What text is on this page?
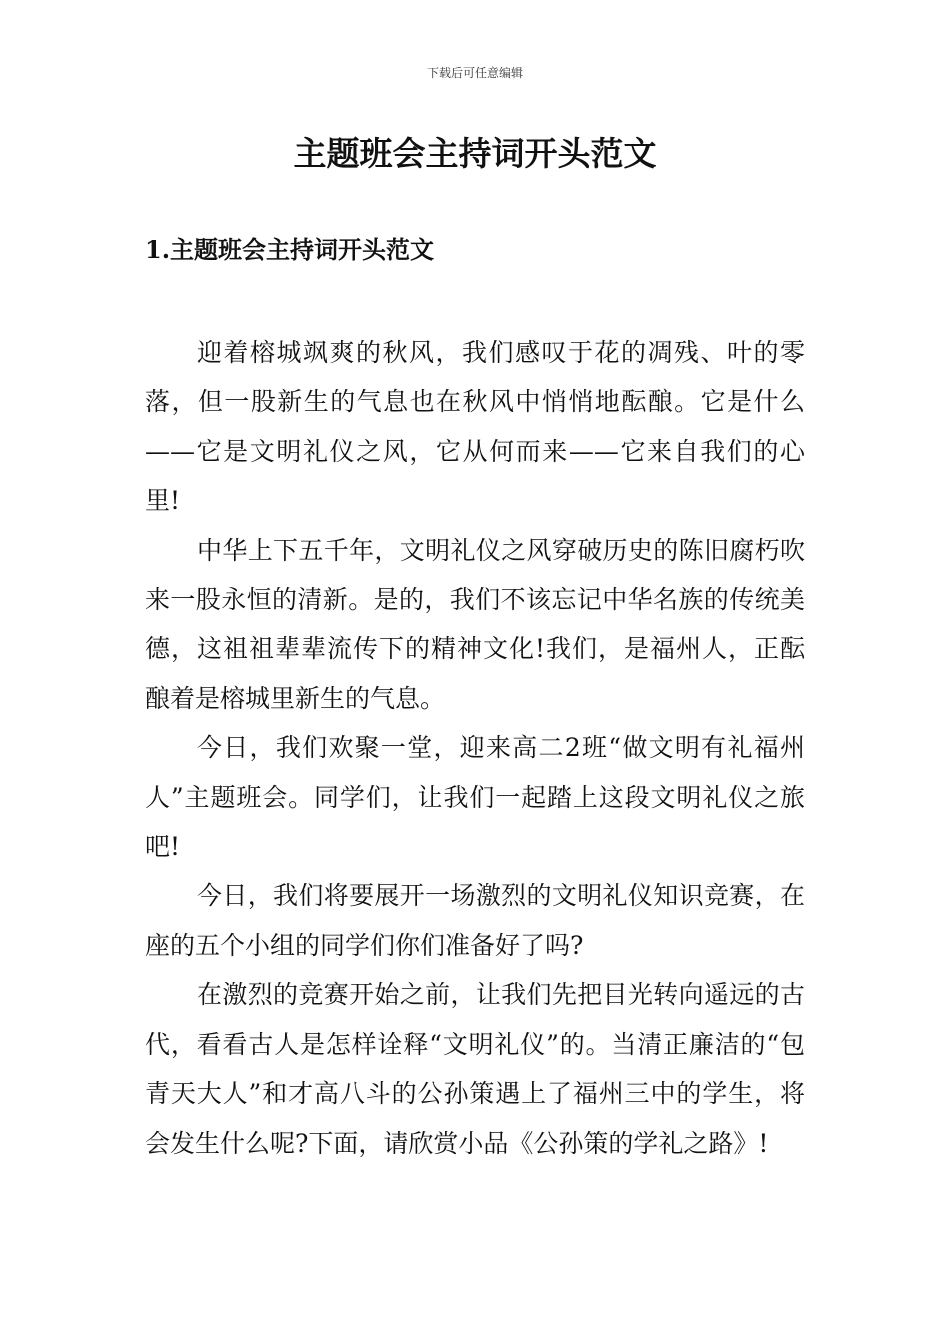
下载后可任意编辑
主题班会主持词开头范文
1.主题班会主持词开头范文

迎着榕城飒爽的秋风，我们感叹于花的凋残、叶的零落，但一股新生的气息也在秋风中悄悄地酝酿。它是什么——它是文明礼仪之风，它从何而来——它来自我们的心里!

中华上下五千年，文明礼仪之风穿破历史的陈旧腐朽吹来一股永恒的清新。是的，我们不该忘记中华名族的传统美德，这祖祖辈辈流传下的精神文化!我们，是福州人，正酝酿着是榕城里新生的气息。

今日，我们欢聚一堂，迎来高二2班“做文明有礼福州人”主题班会。同学们，让我们一起踏上这段文明礼仪之旅吧!

今日，我们将要展开一场激烈的文明礼仪知识竞赛，在座的五个小组的同学们你们准备好了吗?

在激烈的竞赛开始之前，让我们先把目光转向遥远的古代，看看古人是怎样诠释“文明礼仪”的。当清正廉洁的“包青天大人”和才高八斗的公孙策遇上了福州三中的学生，将会发生什么呢?下面，请欣赏小品《公孙策的学礼之路》!
